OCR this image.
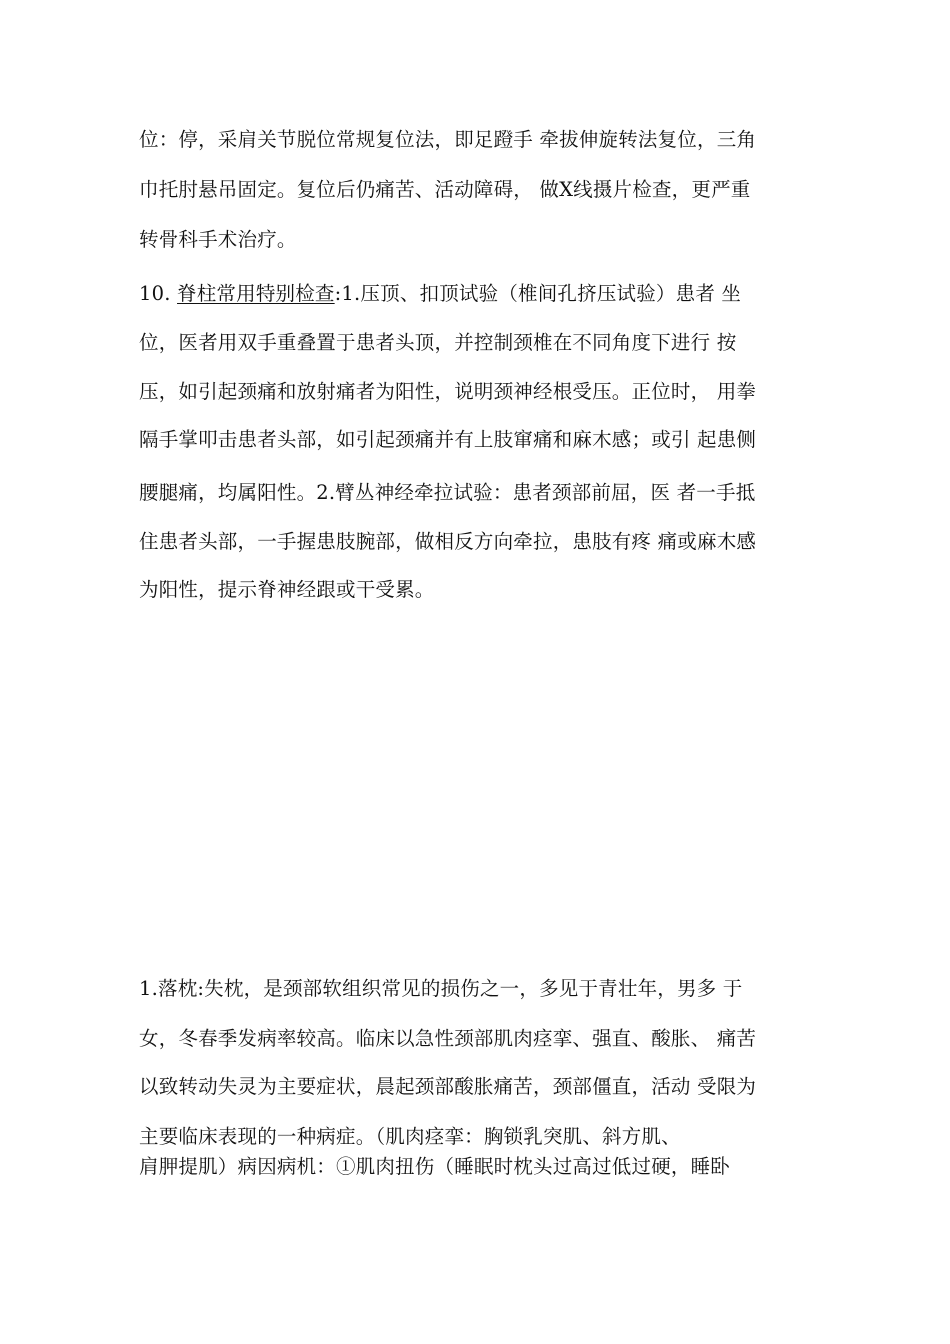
位：停，采肩关节脱位常规复位法，即足蹬手 牵拔伸旋转法复位，三角
巾托肘悬吊固定。复位后仍痛苦、活动障碍， 做X线摄片检查，更严重
转骨科手术治疗。
10. 脊柱常用特别检查:1.压顶、扣顶试验（椎间孔挤压试验）患者 坐
位，医者用双手重叠置于患者头顶，并控制颈椎在不同角度下进行 按
压，如引起颈痛和放射痛者为阳性，说明颈神经根受压。正位时， 用拳
隔手掌叩击患者头部，如引起颈痛并有上肢窜痛和麻木感；或引 起患侧
腰腿痛，均属阳性。2.臂丛神经牵拉试验：患者颈部前屈，医 者一手抵
住患者头部，一手握患肢腕部，做相反方向牵拉，患肢有疼 痛或麻木感
为阳性，提示脊神经跟或干受累。
1.落枕:失枕，是颈部软组织常见的损伤之一，多见于青壮年，男多 于
女，冬春季发病率较高。临床以急性颈部肌肉痉挛、强直、酸胀、 痛苦
以致转动失灵为主要症状，晨起颈部酸胀痛苦，颈部僵直，活动 受限为
主要临床表现的一种病症。（肌肉痉挛：胸锁乳突肌、斜方肌、
肩胛提肌）病因病机：①肌肉扭伤（睡眠时枕头过高过低过硬，睡卧
